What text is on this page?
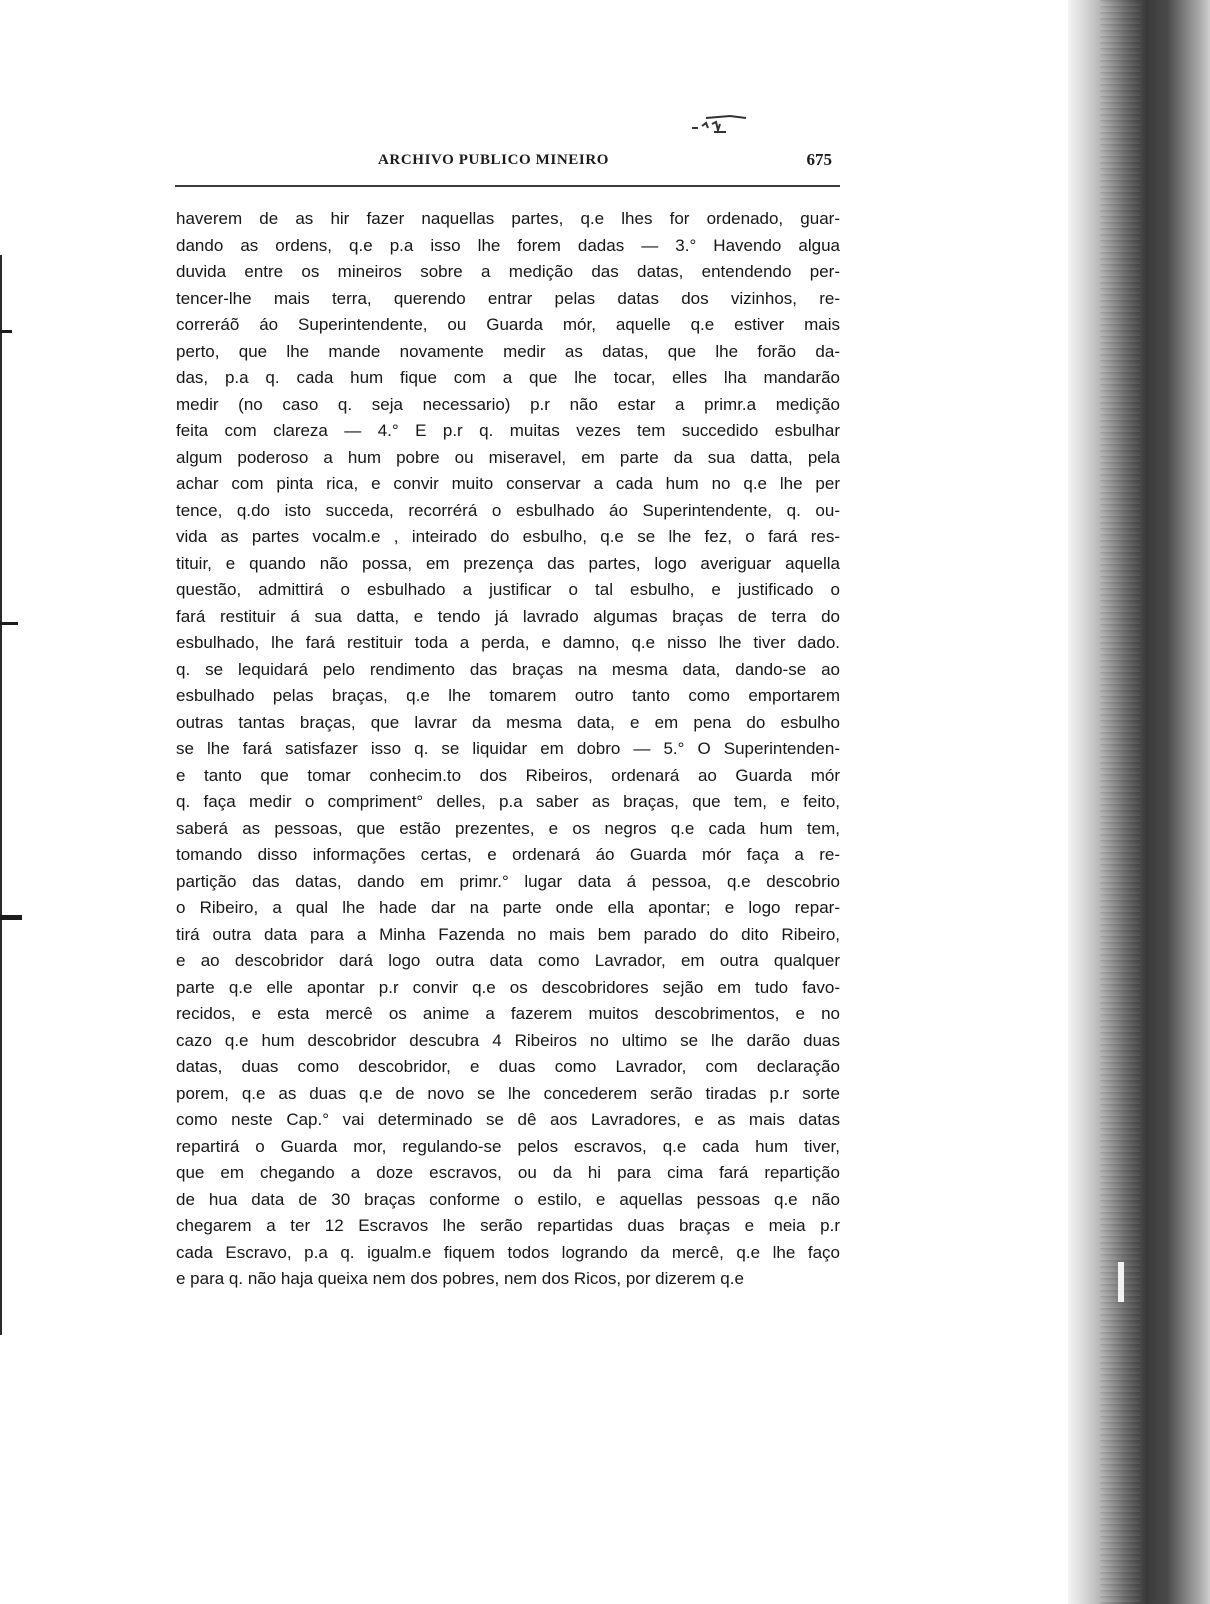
ARCHIVO PUBLICO MINEIRO	675
haverem de as hir fazer naquellas partes, q.e lhes for ordenado, guar-
dando as ordens, q.e p.a isso lhe forem dadas — 3.° Havendo algua
duvida entre os mineiros sobre a medição das datas, entendendo per-
tencer-lhe mais terra, querendo entrar pelas datas dos vizinhos, re-
correráõ áo Superintendente, ou Guarda mór, aquelle q.e estiver mais
perto, que lhe mande novamente medir as datas, que lhe forão da-
das, p.a q. cada hum fique com a que lhe tocar, elles lha mandarão
medir (no caso q. seja necessario) p.r não estar a primr.a medição
feita com clareza — 4.° E p.r q. muitas vezes tem succedido esbulhar
algum poderoso a hum pobre ou miseravel, em parte da sua datta, pela
achar com pinta rica, e convir muito conservar a cada hum no q.e lhe per
tence, q.do isto succeda, recorrérá o esbulhado áo Superintendente, q. ou-
vida as partes vocalm.e , inteirado do esbulho, q.e se lhe fez, o fará res-
tituir, e quando não possa, em prezença das partes, logo averiguar aquella
questão, admittirá o esbulhado a justificar o tal esbulho, e justificado o
fará restituir á sua datta, e tendo já lavrado algumas braças de terra do
esbulhado, lhe fará restituir toda a perda, e damno, q.e nisso lhe tiver dado.
q. se lequidará pelo rendimento das braças na mesma data, dando-se ao
esbulhado pelas braças, q.e lhe tomarem outro tanto como emportarem
outras tantas braças, que lavrar da mesma data, e em pena do esbulho
se lhe fará satisfazer isso q. se liquidar em dobro — 5.° O Superintenden-
e tanto que tomar conhecim.to dos Ribeiros, ordenará ao Guarda mór
q. faça medir o compriment° delles, p.a saber as braças, que tem, e feito,
saberá as pessoas, que estão prezentes, e os negros q.e cada hum tem,
tomando disso informações certas, e ordenará áo Guarda mór faça a re-
partição das datas, dando em primr.° lugar data á pessoa, q.e descobrio
o Ribeiro, a qual lhe hade dar na parte onde ella apontar; e logo repar-
tirá outra data para a Minha Fazenda no mais bem parado do dito Ribeiro,
e ao descobridor dará logo outra data como Lavrador, em outra qualquer
parte q.e elle apontar p.r convir q.e os descobridores sejão em tudo favo-
recidos, e esta mercê os anime a fazerem muitos descobrimentos, e no
cazo q.e hum descobridor descubra 4 Ribeiros no ultimo se lhe darão duas
datas, duas como descobridor, e duas como Lavrador, com declaração
porem, q.e as duas q.e de novo se lhe concederem serão tiradas p.r sorte
como neste Cap.° vai determinado se dê aos Lavradores, e as mais datas
repartirá o Guarda mor, regulando-se pelos escravos, q.e cada hum tiver,
que em chegando a doze escravos, ou da hi para cima fará repartição
de hua data de 30 braças conforme o estilo, e aquellas pessoas q.e não
chegarem a ter 12 Escravos lhe serão repartidas duas braças e meia p.r
cada Escravo, p.a q. igualm.e fiquem todos logrando da mercê, q.e lhe faço
e para q. não haja queixa nem dos pobres, nem dos Ricos, por dizerem q.e
